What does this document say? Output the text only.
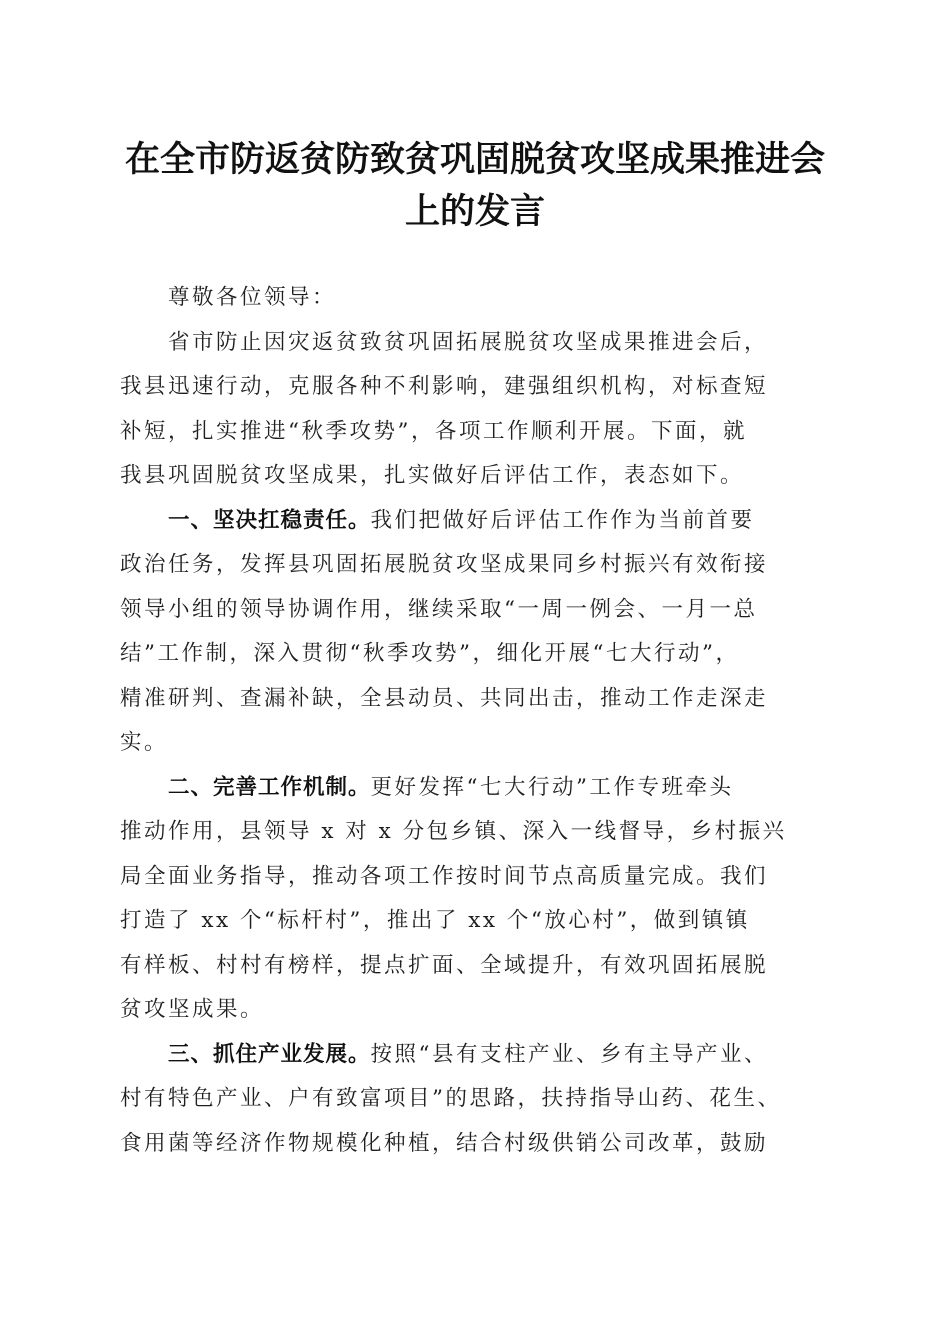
在全市防返贫防致贫巩固脱贫攻坚成果推进会
上的发言
尊敬各位领导：
省市防止因灾返贫致贫巩固拓展脱贫攻坚成果推进会后，
我县迅速行动，克服各种不利影响，建强组织机构，对标查短
补短，扎实推进“秋季攻势”，各项工作顺利开展。下面，就
我县巩固脱贫攻坚成果，扎实做好后评估工作，表态如下。
一、坚决扛稳责任。我们把做好后评估工作作为当前首要
政治任务，发挥县巩固拓展脱贫攻坚成果同乡村振兴有效衔接
领导小组的领导协调作用，继续采取“一周一例会、一月一总
结”工作制，深入贯彻“秋季攻势”，细化开展“七大行动”，
精准研判、查漏补缺，全县动员、共同出击，推动工作走深走
实。
二、完善工作机制。更好发挥“七大行动”工作专班牵头
推动作用，县领导 x 对 x 分包乡镇、深入一线督导，乡村振兴
局全面业务指导，推动各项工作按时间节点高质量完成。我们
打造了 xx 个“标杆村”，推出了 xx 个“放心村”，做到镇镇
有样板、村村有榜样，提点扩面、全域提升，有效巩固拓展脱
贫攻坚成果。
三、抓住产业发展。按照“县有支柱产业、乡有主导产业、
村有特色产业、户有致富项目”的思路，扶持指导山药、花生、
食用菌等经济作物规模化种植，结合村级供销公司改革，鼓励
